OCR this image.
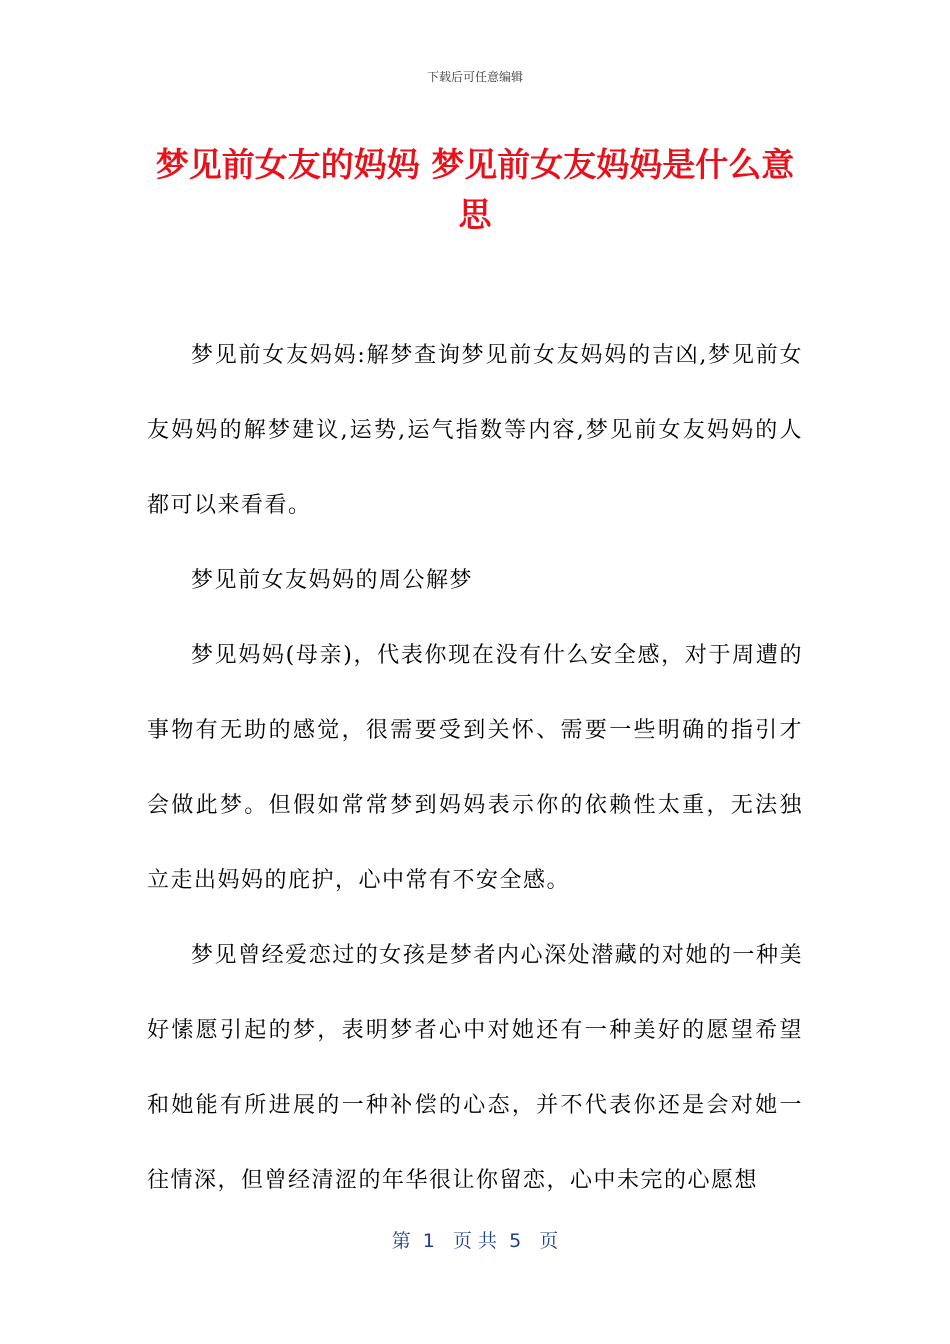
下载后可任意编辑
梦见前女友的妈妈 梦见前女友妈妈是什么意思

梦见前女友妈妈:解梦查询梦见前女友妈妈的吉凶,梦见前女友妈妈的解梦建议,运势,运气指数等内容,梦见前女友妈妈的人都可以来看看。

梦见前女友妈妈的周公解梦

梦见妈妈(母亲)，代表你现在没有什么安全感，对于周遭的事物有无助的感觉，很需要受到关怀、需要一些明确的指引才会做此梦。但假如常常梦到妈妈表示你的依赖性太重，无法独立走出妈妈的庇护，心中常有不安全感。

梦见曾经爱恋过的女孩是梦者内心深处潜藏的对她的一种美好愫愿引起的梦，表明梦者心中对她还有一种美好的愿望希望和她能有所进展的一种补偿的心态，并不代表你还是会对她一往情深，但曾经清涩的年华很让你留恋，心中未完的心愿想

第  1   页 共  5   页
